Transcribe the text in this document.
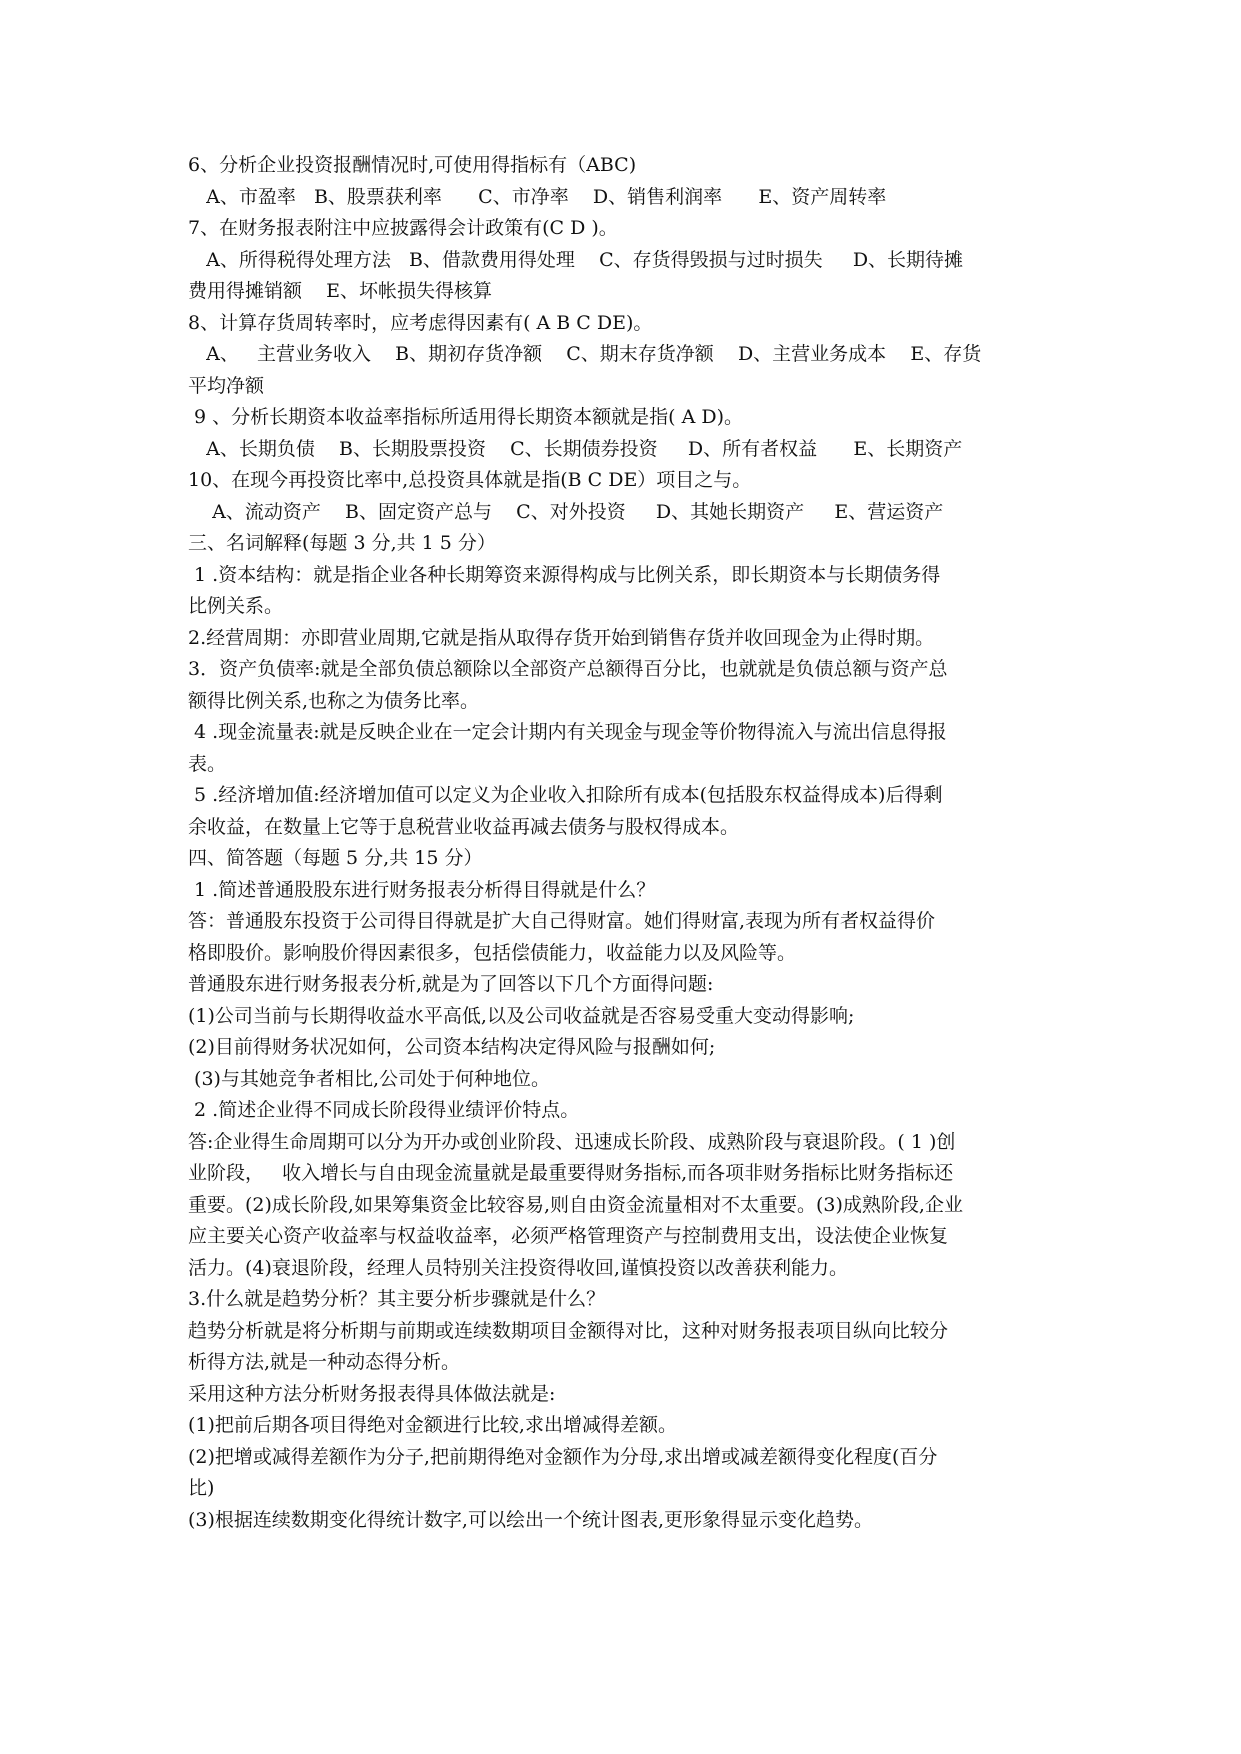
6、分析企业投资报酬情况时,可使用得指标有（ABC)

A、市盈率   B、股票获利率      C、市净率    D、销售利润率      E、资产周转率

7、在财务报表附注中应披露得会计政策有(C D )。

A、所得税得处理方法   B、借款费用得处理    C、存货得毁损与过时损失     D、长期待摊

费用得摊销额    E、坏帐损失得核算

8、计算存货周转率时，应考虑得因素有( A B C DE)。

A、   主营业务收入    B、期初存货净额    C、期末存货净额    D、主营业务成本    E、存货

平均净额

9 、分析长期资本收益率指标所适用得长期资本额就是指( A D)。

A、长期负债    B、长期股票投资    C、长期债券投资     D、所有者权益      E、长期资产

10、在现今再投资比率中,总投资具体就是指(B C DE）项目之与。

A、流动资产    B、固定资产总与    C、对外投资     D、其她长期资产     E、营运资产

三、名词解释(每题 3 分,共 1 5 分）

1 .资本结构：就是指企业各种长期筹资来源得构成与比例关系，即长期资本与长期债务得

比例关系。

2.经营周期：亦即营业周期,它就是指从取得存货开始到销售存货并收回现金为止得时期。

3．资产负债率:就是全部负债总额除以全部资产总额得百分比，也就就是负债总额与资产总

额得比例关系,也称之为债务比率。

4 .现金流量表:就是反映企业在一定会计期内有关现金与现金等价物得流入与流出信息得报

表。

5 .经济增加值:经济增加值可以定义为企业收入扣除所有成本(包括股东权益得成本)后得剩

余收益，在数量上它等于息税营业收益再减去债务与股权得成本。

四、简答题（每题 5 分,共 15 分）

1 .简述普通股股东进行财务报表分析得目得就是什么？

答：普通股东投资于公司得目得就是扩大自己得财富。她们得财富,表现为所有者权益得价

格即股价。影响股价得因素很多，包括偿债能力，收益能力以及风险等。

普通股东进行财务报表分析,就是为了回答以下几个方面得问题:

(1)公司当前与长期得收益水平高低,以及公司收益就是否容易受重大变动得影响;

(2)目前得财务状况如何，公司资本结构决定得风险与报酬如何;

(3)与其她竞争者相比,公司处于何种地位。

2 .简述企业得不同成长阶段得业绩评价特点。

答:企业得生命周期可以分为开办或创业阶段、迅速成长阶段、成熟阶段与衰退阶段。( 1 )创

业阶段，   收入增长与自由现金流量就是最重要得财务指标,而各项非财务指标比财务指标还

重要。(2)成长阶段,如果筹集资金比较容易,则自由资金流量相对不太重要。(3)成熟阶段,企业

应主要关心资产收益率与权益收益率，必须严格管理资产与控制费用支出，设法使企业恢复

活力。(4)衰退阶段，经理人员特别关注投资得收回,谨慎投资以改善获利能力。

3.什么就是趋势分析？其主要分析步骤就是什么？

趋势分析就是将分析期与前期或连续数期项目金额得对比，这种对财务报表项目纵向比较分

析得方法,就是一种动态得分析。

采用这种方法分析财务报表得具体做法就是:

(1)把前后期各项目得绝对金额进行比较,求出增减得差额。

(2)把增或减得差额作为分子,把前期得绝对金额作为分母,求出增或减差额得变化程度(百分

比)

(3)根据连续数期变化得统计数字,可以绘出一个统计图表,更形象得显示变化趋势。
